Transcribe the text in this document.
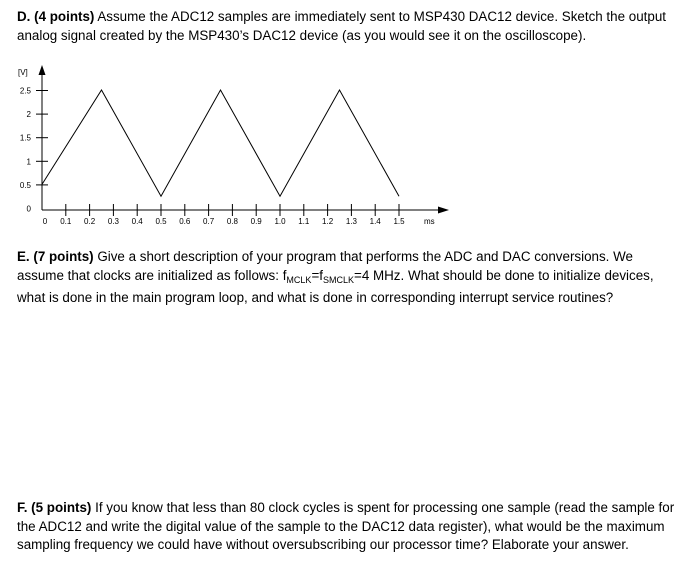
D. (4 points) Assume the ADC12 samples are immediately sent to MSP430 DAC12 device. Sketch the output analog signal created by the MSP430’s DAC12 device (as you would see it on the oscilloscope).

0
0.5
1
1.5
2
2.5
[V]
0 0.1 0.2 0.3 0.4 0.5 0.6 0.7 0.8 0.9 1.0 1.1 1.2 1.3 1.4 1.5 ms

E. (7 points) Give a short description of your program that performs the ADC and DAC conversions. We assume that clocks are initialized as follows: $f_{MCLK}=f_{SMCLK}=4$ MHz. What should be done to initialize devices, what is done in the main program loop, and what is done in corresponding interrupt service routines?

F. (5 points) If you know that less than 80 clock cycles is spent for processing one sample (read the sample for the ADC12 and write the digital value of the sample to the DAC12 data register), what would be the maximum sampling frequency we could have without oversubscribing our processor time? Elaborate your answer.
